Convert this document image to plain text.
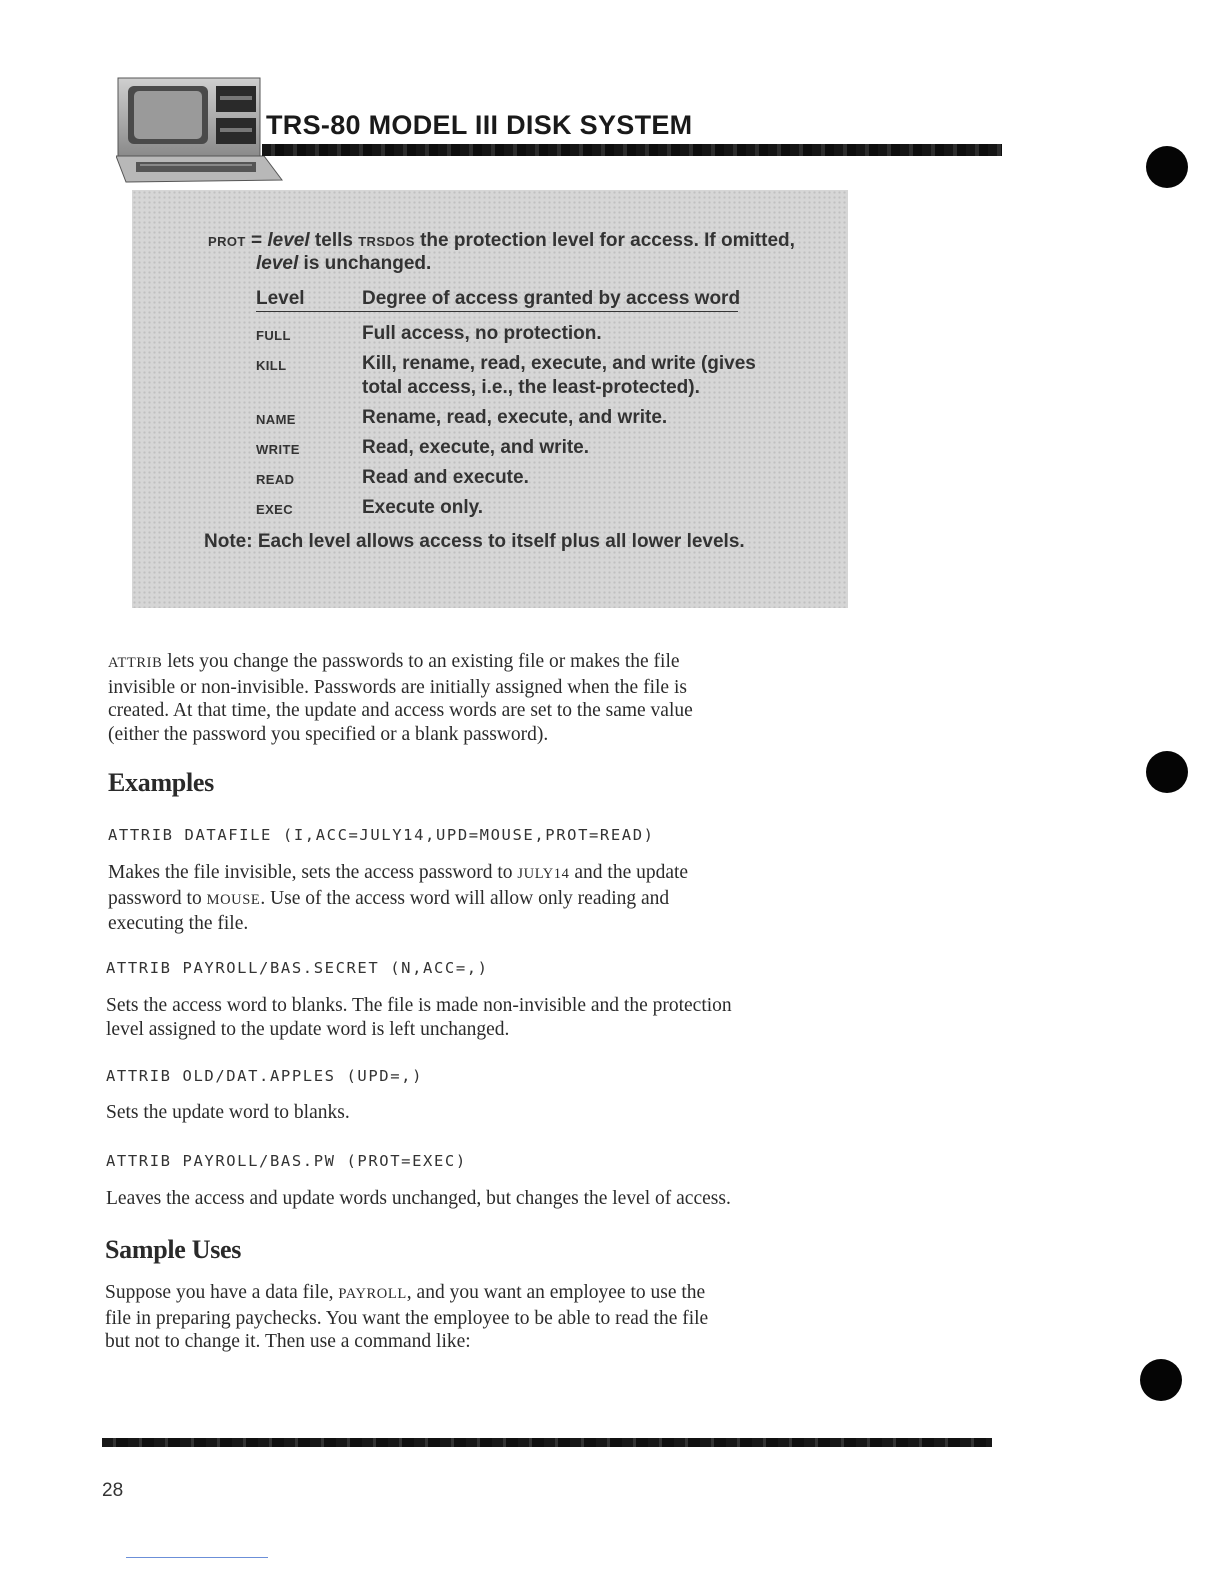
TRS-80 MODEL III DISK SYSTEM
PROT = level tells TRSDOS the protection level for access. If omitted,
level is unchanged.
Level	Degree of access granted by access word
FULL	Full access, no protection.
KILL	Kill, rename, read, execute, and write (gives
total access, i.e., the least-protected).
NAME	Rename, read, execute, and write.
WRITE	Read, execute, and write.
READ	Read and execute.
EXEC	Execute only.
Note: Each level allows access to itself plus all lower levels.

ATTRIB lets you change the passwords to an existing file or makes the file

invisible or non-invisible. Passwords are initially assigned when the file is

created. At that time, the update and access words are set to the same value

(either the password you specified or a blank password).

Examples
ATTRIB DATAFILE (I,ACC=JULY14,UPD=MOUSE,PROT=READ)

Makes the file invisible, sets the access password to JULY14 and the update

password to MOUSE. Use of the access word will allow only reading and

executing the file.

ATTRIB PAYROLL/BAS.SECRET (N,ACC=,)

Sets the access word to blanks. The file is made non-invisible and the protection

level assigned to the update word is left unchanged.

ATTRIB OLD/DAT.APPLES (UPD=,)

Sets the update word to blanks.

ATTRIB PAYROLL/BAS.PW (PROT=EXEC)

Leaves the access and update words unchanged, but changes the level of access.

Sample Uses

Suppose you have a data file, PAYROLL, and you want an employee to use the

file in preparing paychecks. You want the employee to be able to read the file

but not to change it. Then use a command like:

28
